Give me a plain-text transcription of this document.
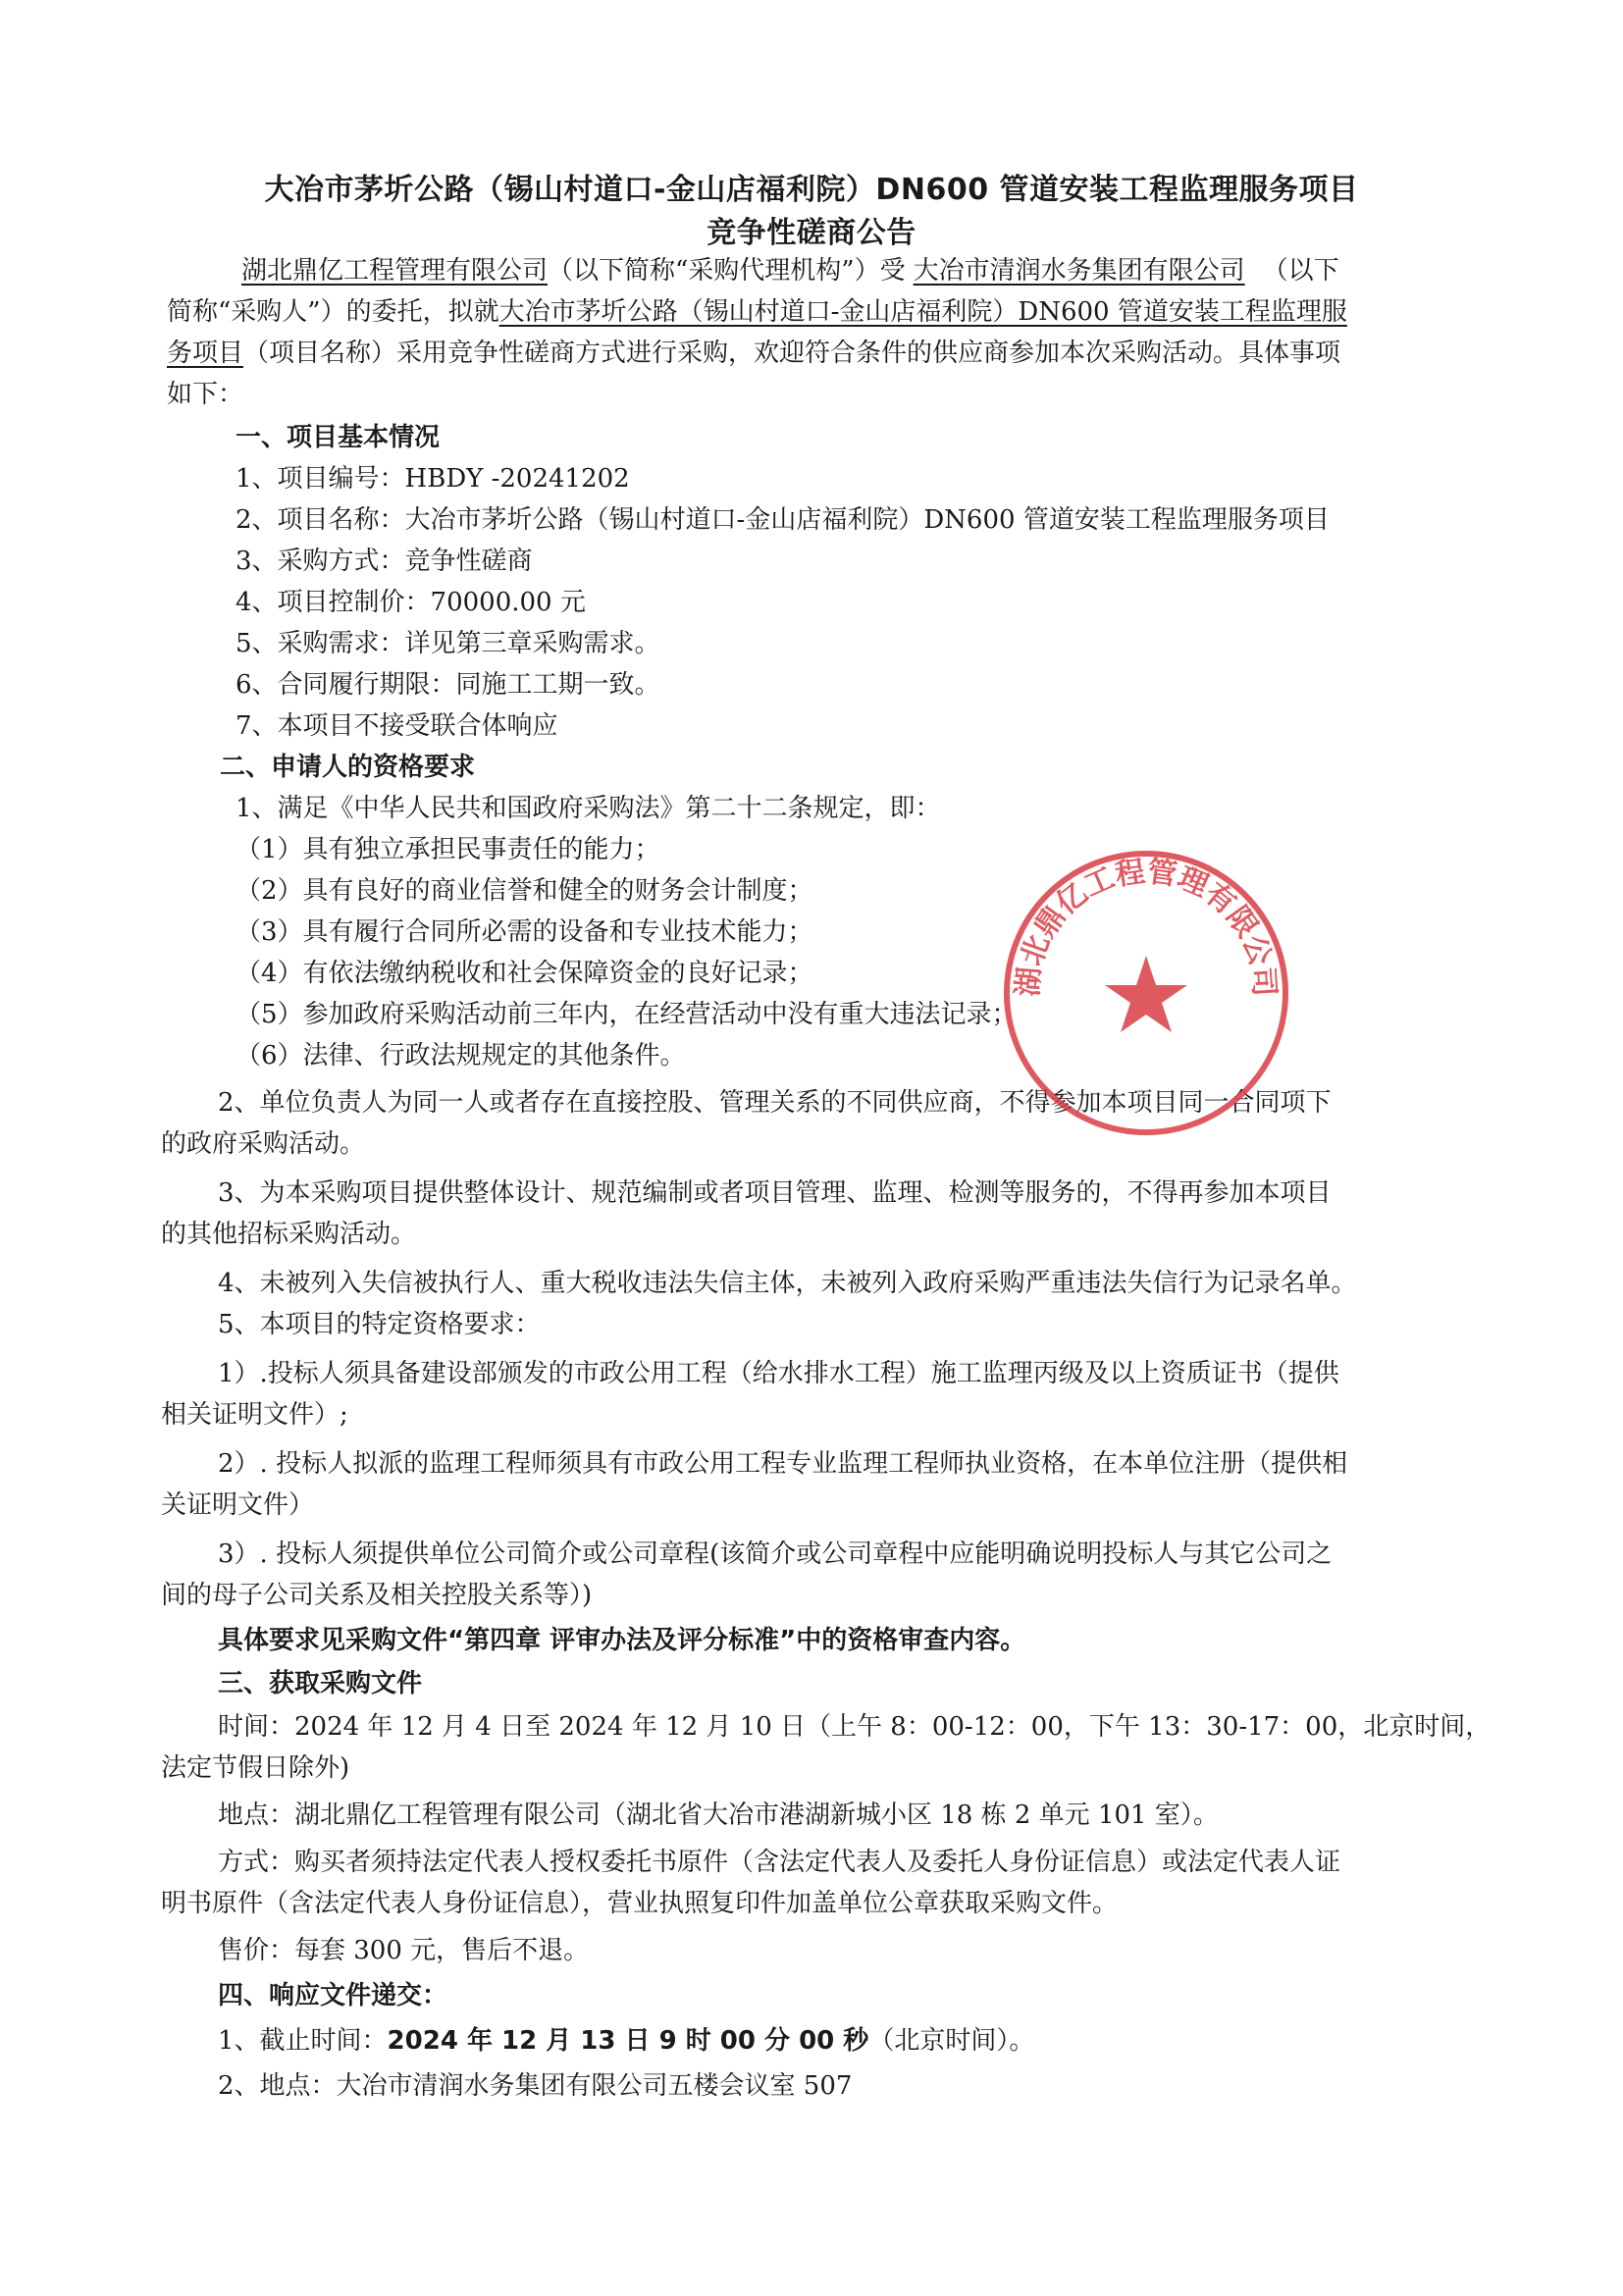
大冶市茅圻公路（锡山村道口-金山店福利院）DN600 管道安装工程监理服务项目
竞争性磋商公告
湖北鼎亿工程管理有限公司（以下简称“采购代理机构”）受 大冶市清润水务集团有限公司 （以下
简称“采购人”）的委托，拟就大冶市茅圻公路（锡山村道口-金山店福利院）DN600 管道安装工程监理服
务项目（项目名称）采用竞争性磋商方式进行采购，欢迎符合条件的供应商参加本次采购活动。具体事项
如下：
一、项目基本情况
1、项目编号：HBDY -20241202
2、项目名称：大冶市茅圻公路（锡山村道口-金山店福利院）DN600 管道安装工程监理服务项目
3、采购方式：竞争性磋商
4、项目控制价：70000.00 元
5、采购需求：详见第三章采购需求。
6、合同履行期限：同施工工期一致。
7、本项目不接受联合体响应
二、申请人的资格要求
1、满足《中华人民共和国政府采购法》第二十二条规定，即：
（1）具有独立承担民事责任的能力；
（2）具有良好的商业信誉和健全的财务会计制度；
（3）具有履行合同所必需的设备和专业技术能力；
（4）有依法缴纳税收和社会保障资金的良好记录；
（5）参加政府采购活动前三年内，在经营活动中没有重大违法记录；
（6）法律、行政法规规定的其他条件。
2、单位负责人为同一人或者存在直接控股、管理关系的不同供应商，不得参加本项目同一合同项下
的政府采购活动。
3、为本采购项目提供整体设计、规范编制或者项目管理、监理、检测等服务的，不得再参加本项目
的其他招标采购活动。
4、未被列入失信被执行人、重大税收违法失信主体，未被列入政府采购严重违法失信行为记录名单。
5、本项目的特定资格要求：
1）.投标人须具备建设部颁发的市政公用工程（给水排水工程）施工监理丙级及以上资质证书（提供
相关证明文件）;
2）. 投标人拟派的监理工程师须具有市政公用工程专业监理工程师执业资格，在本单位注册（提供相
关证明文件）
3）. 投标人须提供单位公司简介或公司章程(该简介或公司章程中应能明确说明投标人与其它公司之
间的母子公司关系及相关控股关系等）)
具体要求见采购文件“第四章 评审办法及评分标准”中的资格审查内容。
三、获取采购文件
时间：2024 年 12 月 4 日至 2024 年 12 月 10 日（上午 8：00-12：00，下午 13：30-17：00，北京时间，
法定节假日除外)
地点：湖北鼎亿工程管理有限公司（湖北省大冶市港湖新城小区 18 栋 2 单元 101 室）。
方式：购买者须持法定代表人授权委托书原件（含法定代表人及委托人身份证信息）或法定代表人证
明书原件（含法定代表人身份证信息），营业执照复印件加盖单位公章获取采购文件。
售价：每套 300 元，售后不退。
四、响应文件递交：
1、截止时间：2024 年 12 月 13 日 9 时 00 分 00 秒（北京时间）。
2、地点：大冶市清润水务集团有限公司五楼会议室 507
湖北鼎亿工程管理有限公司
